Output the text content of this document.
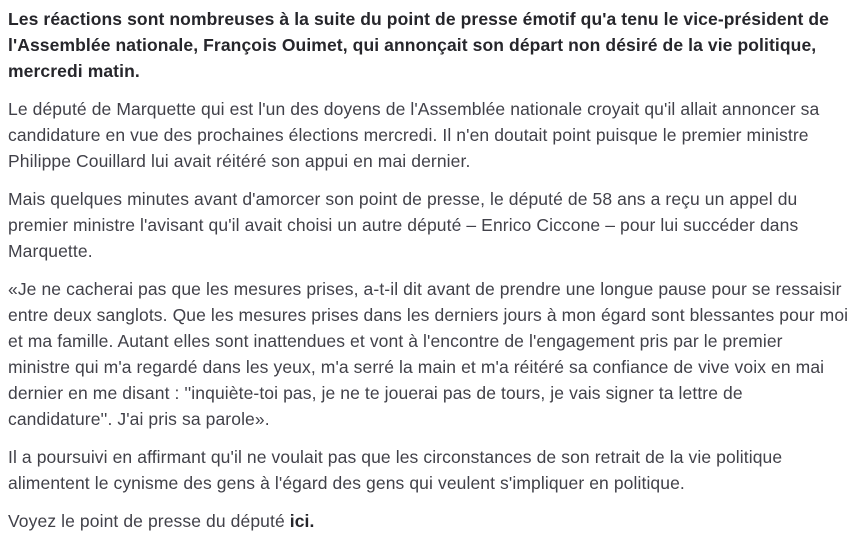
Les réactions sont nombreuses à la suite du point de presse émotif qu'a tenu le vice-président de
l'Assemblée nationale, François Ouimet, qui annonçait son départ non désiré de la vie politique,
mercredi matin.

Le député de Marquette qui est l'un des doyens de l'Assemblée nationale croyait qu'il allait annoncer sa
candidature en vue des prochaines élections mercredi. Il n'en doutait point puisque le premier ministre
Philippe Couillard lui avait réitéré son appui en mai dernier.

Mais quelques minutes avant d'amorcer son point de presse, le député de 58 ans a reçu un appel du
premier ministre l'avisant qu'il avait choisi un autre député – Enrico Ciccone – pour lui succéder dans
Marquette.

«Je ne cacherai pas que les mesures prises, a-t-il dit avant de prendre une longue pause pour se ressaisir
entre deux sanglots. Que les mesures prises dans les derniers jours à mon égard sont blessantes pour moi
et ma famille. Autant elles sont inattendues et vont à l'encontre de l'engagement pris par le premier
ministre qui m'a regardé dans les yeux, m'a serré la main et m'a réitéré sa confiance de vive voix en mai
dernier en me disant : ''inquiète-toi pas, je ne te jouerai pas de tours, je vais signer ta lettre de
candidature''. J'ai pris sa parole».

Il a poursuivi en affirmant qu'il ne voulait pas que les circonstances de son retrait de la vie politique
alimentent le cynisme des gens à l'égard des gens qui veulent s'impliquer en politique.

Voyez le point de presse du député ici.
